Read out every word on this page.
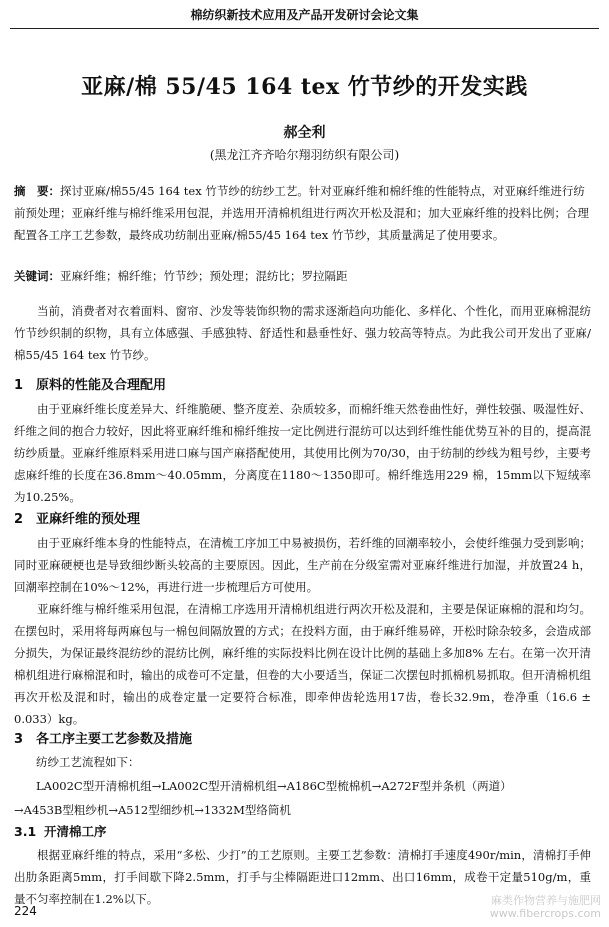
棉纺织新技术应用及产品开发研讨会论文集
亚麻/棉 55/45 164 tex 竹节纱的开发实践
郝全利
(黑龙江齐齐哈尔翔羽纺织有限公司)
摘　要：探讨亚麻/棉55/45 164 tex 竹节纱的纺纱工艺。针对亚麻纤维和棉纤维的性能特点，对亚麻纤维进行纺前预处理；亚麻纤维与棉纤维采用包混，并选用开清棉机组进行两次开松及混和；加大亚麻纤维的投料比例；合理配置各工序工艺参数，最终成功纺制出亚麻/棉55/45 164 tex 竹节纱，其质量满足了使用要求。
关键词：亚麻纤维；棉纤维；竹节纱；预处理；混纺比；罗拉隔距
当前，消费者对衣着面料、窗帘、沙发等装饰织物的需求逐渐趋向功能化、多样化、个性化，而用亚麻棉混纺竹节纱织制的织物，具有立体感强、手感独特、舒适性和悬垂性好、强力较高等特点。为此我公司开发出了亚麻/棉55/45 164 tex 竹节纱。
1 原料的性能及合理配用
由于亚麻纤维长度差异大、纤维脆硬、整齐度差、杂质较多，而棉纤维天然卷曲性好，弹性较强、吸湿性好、纤维之间的抱合力较好，因此将亚麻纤维和棉纤维按一定比例进行混纺可以达到纤维性能优势互补的目的，提高混纺纱质量。亚麻纤维原料采用进口麻与国产麻搭配使用，其使用比例为70/30，由于纺制的纱线为粗号纱，主要考虑麻纤维的长度在36.8mm～40.05mm，分离度在1180～1350即可。棉纤维选用229 棉，15mm以下短绒率为10.25%。
2 亚麻纤维的预处理
由于亚麻纤维本身的性能特点，在清梳工序加工中易被损伤，若纤维的回潮率较小，会使纤维强力受到影响；同时亚麻硬梗也是导致细纱断头较高的主要原因。因此，生产前在分级室需对亚麻纤维进行加湿，并放置24 h，回潮率控制在10%～12%，再进行进一步梳理后方可使用。
亚麻纤维与棉纤维采用包混，在清棉工序选用开清棉机组进行两次开松及混和，主要是保证麻棉的混和均匀。在摆包时，采用将每两麻包与一棉包间隔放置的方式；在投料方面，由于麻纤维易碎，开松时除杂较多，会造成部分损失，为保证最终混纺纱的混纺比例，麻纤维的实际投料比例在设计比例的基础上多加8% 左右。在第一次开清棉机组进行麻棉混和时，输出的成卷可不定量，但卷的大小要适当，保证二次摆包时抓棉机易抓取。但开清棉机组再次开松及混和时，输出的成卷定量一定要符合标准，即牵伸齿轮选用17齿，卷长32.9m，卷净重（16.6 ± 0.033）kg。
3 各工序主要工艺参数及措施
纺纱工艺流程如下：
LA002C型开清棉机组→LA002C型开清棉机组→A186C型梳棉机→A272F型并条机（两道）
→A453B型粗纱机→A512型细纱机→1332M型络筒机
3.1 开清棉工序
根据亚麻纤维的特点，采用“多松、少打”的工艺原则。主要工艺参数：清棉打手速度490r/min，清棉打手伸出肋条距离5mm，打手间歇下降2.5mm，打手与尘棒隔距进口12mm、出口16mm，成卷干定量510g/m，重量不匀率控制在1.2%以下。
224
麻类作物营养与施肥网
www.fibercrops.com
